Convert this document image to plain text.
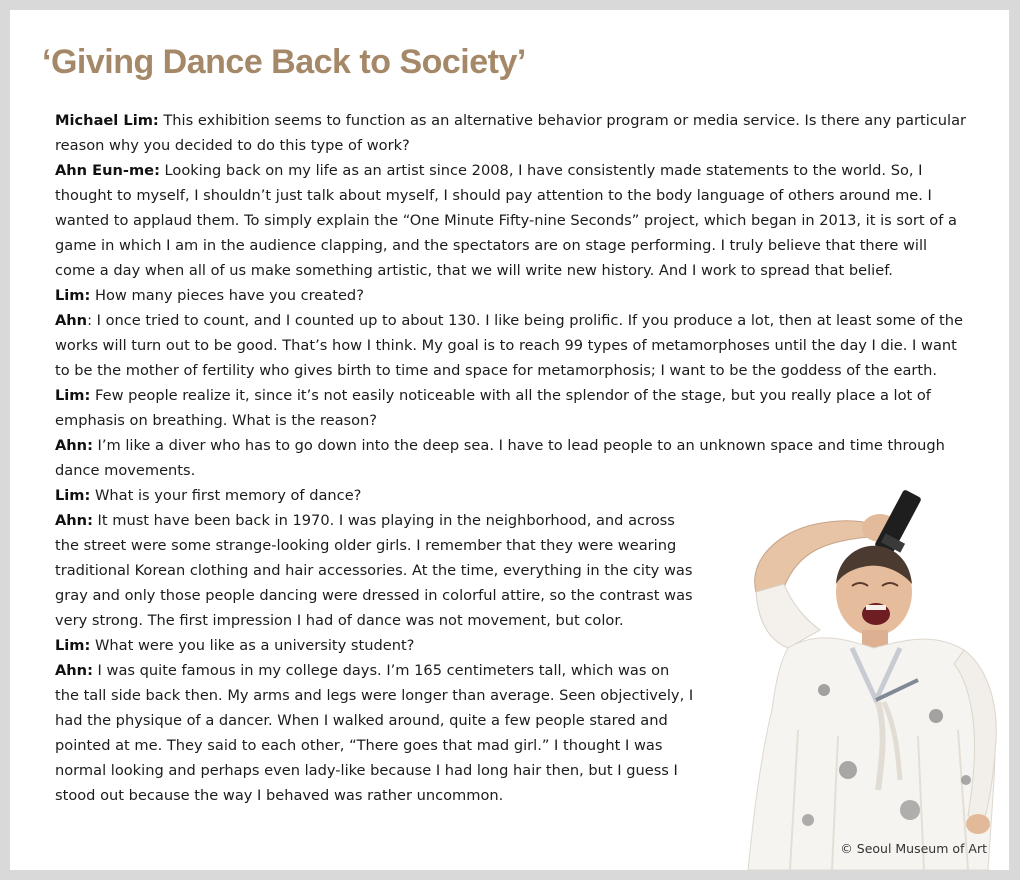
‘Giving Dance Back to Society’

Michael Lim: This exhibition seems to function as an alternative behavior program or media service. Is there any particular reason why you decided to do this type of work?

Ahn Eun-me: Looking back on my life as an artist since 2008, I have consistently made statements to the world. So, I thought to myself, I shouldn’t just talk about myself, I should pay attention to the body language of others around me. I wanted to applaud them. To simply explain the “One Minute Fifty-nine Seconds” project, which began in 2013, it is sort of a game in which I am in the audience clapping, and the spectators are on stage performing. I truly believe that there will come a day when all of us make something artistic, that we will write new history. And I work to spread that belief.

Lim: How many pieces have you created?

Ahn: I once tried to count, and I counted up to about 130. I like being prolific. If you produce a lot, then at least some of the works will turn out to be good. That’s how I think. My goal is to reach 99 types of metamorphoses until the day I die. I want to be the mother of fertility who gives birth to time and space for metamorphosis; I want to be the goddess of the earth.

Lim: Few people realize it, since it’s not easily noticeable with all the splendor of the stage, but you really place a lot of emphasis on breathing. What is the reason?

Ahn: I’m like a diver who has to go down into the deep sea. I have to lead people to an unknown space and time through dance movements.

Lim: What is your first memory of dance?

Ahn: It must have been back in 1970. I was playing in the neighborhood, and across the street were some strange-looking older girls. I remember that they were wearing traditional Korean clothing and hair accessories. At the time, everything in the city was gray and only those people dancing were dressed in colorful attire, so the contrast was very strong. The first impression I had of dance was not movement, but color.

Lim: What were you like as a university student?

Ahn: I was quite famous in my college days. I’m 165 centimeters tall, which was on the tall side back then. My arms and legs were longer than average. Seen objectively, I had the physique of a dancer. When I walked around, quite a few people stared and pointed at me. They said to each other, “There goes that mad girl.” I thought I was normal looking and perhaps even lady-like because I had long hair then, but I guess I stood out because the way I behaved was rather uncommon.

© Seoul Museum of Art
